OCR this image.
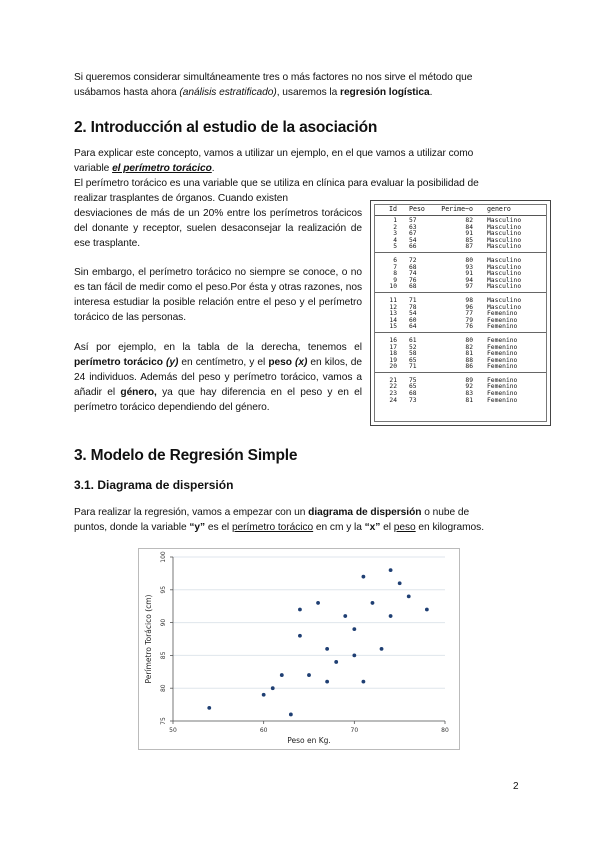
Si queremos considerar simultáneamente tres o más factores no nos sirve el método que
usábamos hasta ahora (análisis estratificado), usaremos la regresión logística.
2. Introducción al estudio de la asociación
Para explicar este concepto, vamos a utilizar un ejemplo, en el que vamos a utilizar como
variable el perímetro torácico.
El perímetro torácico es una variable que se utiliza en clínica para evaluar la posibilidad de
realizar trasplantes de órganos. Cuando existen
desviaciones de más de un 20% entre los perímetros torácicos del donante y receptor, suelen desaconsejar la realización de ese trasplante.
Sin embargo, el perímetro torácico no siempre se conoce, o no es tan fácil de medir como el peso.Por ésta y otras razones, nos interesa estudiar la posible relación entre el peso y el perímetro torácico de las personas.
Así por ejemplo, en la tabla de la derecha, tenemos el perímetro torácico (y) en centímetro, y el peso (x) en kilos, de 24 individuos. Además del peso y perímetro torácico, vamos a añadir el género, ya que hay diferencia en el peso y en el perímetro torácico dependiendo del género.
Id	Peso	Perime~o	genero
1	57	82	Masculino
2	63	84	Masculino
3	67	91	Masculino
4	54	85	Masculino
5	66	87	Masculino
6	72	80	Masculino
7	68	93	Masculino
8	74	91	Masculino
9	76	94	Masculino
10	68	97	Masculino
11	71	98	Masculino
12	78	96	Masculino
13	54	77	Femenino
14	60	79	Femenino
15	64	76	Femenino
16	61	80	Femenino
17	52	82	Femenino
18	58	81	Femenino
19	65	88	Femenino
20	71	86	Femenino
21	75	89	Femenino
22	65	92	Femenino
23	68	83	Femenino
24	73	81	Femenino
3. Modelo de Regresión Simple
3.1. Diagrama de dispersión
Para realizar la regresión, vamos a empezar con un diagrama de dispersión o nube de
puntos, donde la variable “y” es el perímetro torácico en cm y la “x” el peso en kilogramos.
75
80
85
90
95
100
50	60	70	80
Peso en Kg.
Perímetro Torácico (cm)
2
